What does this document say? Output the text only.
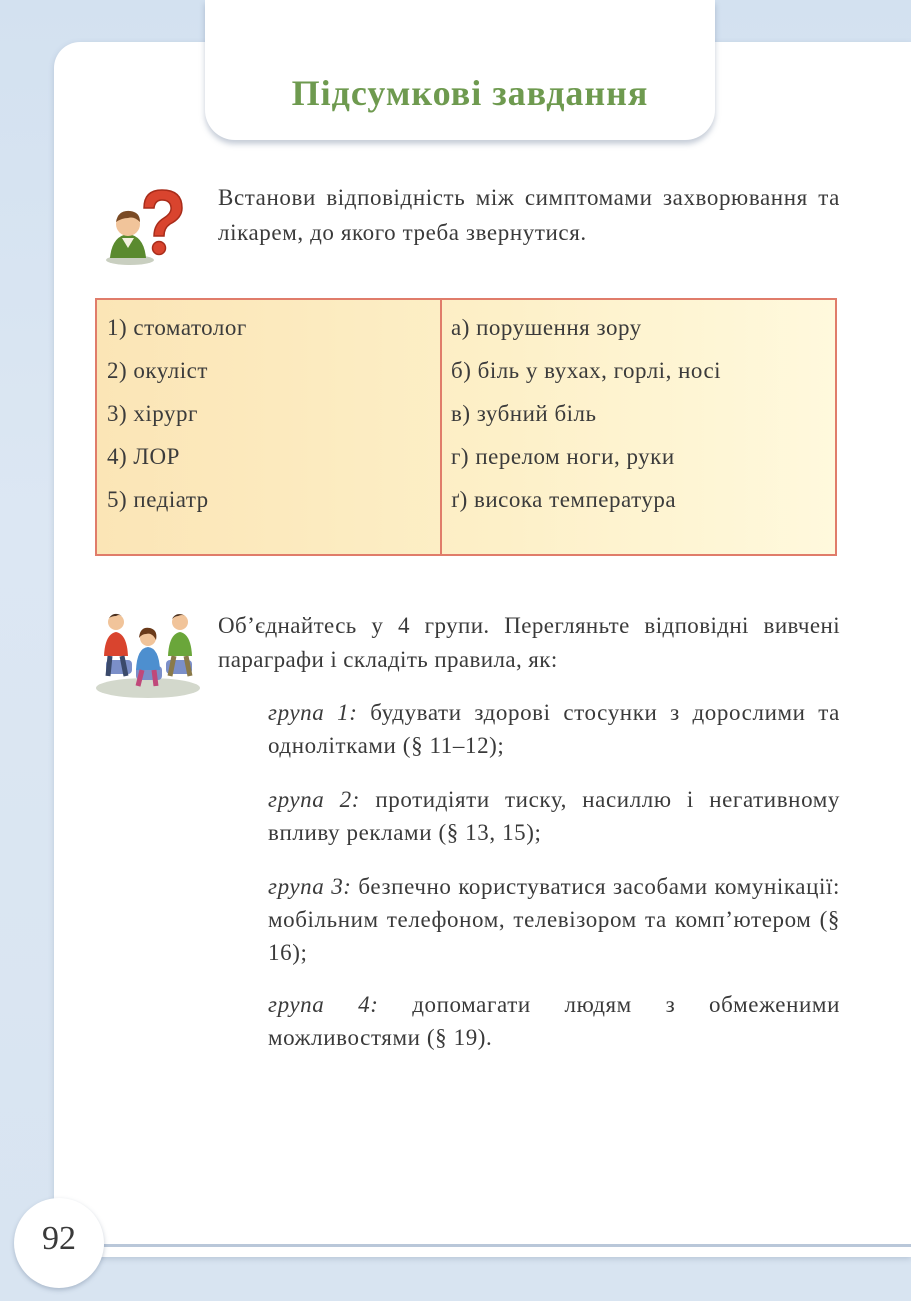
Підсумкові завдання
Встанови відповідність між симптомами захворювання та лікарем, до якого треба звернутися.
1) стоматолог
2) окуліст
3) хірург
4) ЛОР
5) педіатр
а) порушення зору
б) біль у вухах, горлі, носі
в) зубний біль
г) перелом ноги, руки
ґ) висока температура
Об’єднайтесь у 4 групи. Перегляньте відповідні вивчені параграфи і складіть правила, як:
група 1: будувати здорові стосунки з дорослими та однолітками (§ 11–12);
група 2: протидіяти тиску, насиллю і негативному впливу реклами (§ 13, 15);
група 3: безпечно користуватися засобами комунікації: мобільним телефоном, телевізором та комп’ютером (§ 16);
група 4: допомагати людям з обмеженими можливостями (§ 19).
92
